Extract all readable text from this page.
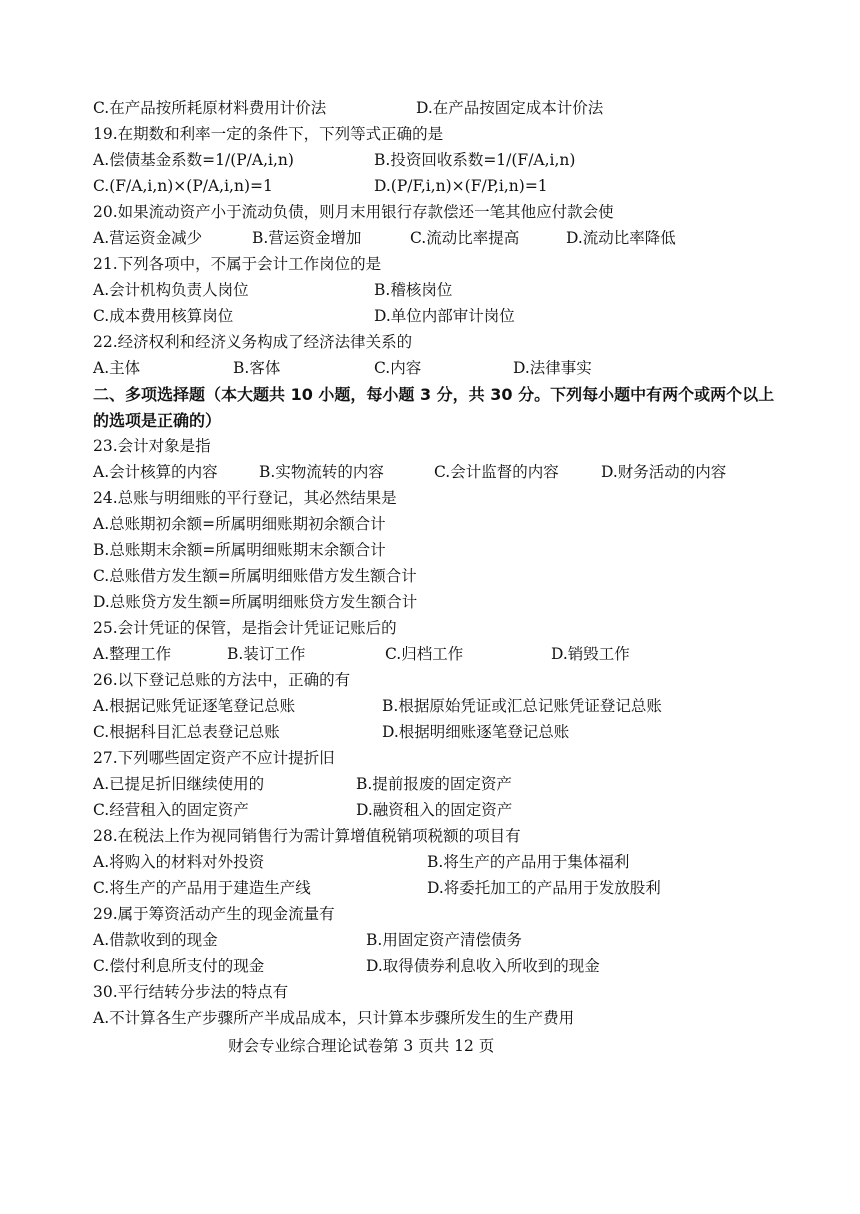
C.在产品按所耗原材料费用计价法	D.在产品按固定成本计价法
19.在期数和利率一定的条件下，下列等式正确的是
A.偿债基金系数=1/(P/A,i,n)	B.投资回收系数=1/(F/A,i,n)
C.(F/A,i,n)×(P/A,i,n)=1	D.(P/F,i,n)×(F/P,i,n)=1
20.如果流动资产小于流动负债，则月末用银行存款偿还一笔其他应付款会使
A.营运资金减少	B.营运资金增加	C.流动比率提高	D.流动比率降低
21.下列各项中，不属于会计工作岗位的是
A.会计机构负责人岗位	B.稽核岗位
C.成本费用核算岗位	D.单位内部审计岗位
22.经济权利和经济义务构成了经济法律关系的
A.主体	B.客体	C.内容	D.法律事实
二、多项选择题（本大题共 10 小题，每小题 3 分，共 30 分。下列每小题中有两个或两个以上的选项是正确的）
23.会计对象是指
A.会计核算的内容	B.实物流转的内容	C.会计监督的内容	D.财务活动的内容
24.总账与明细账的平行登记，其必然结果是
A.总账期初余额=所属明细账期初余额合计
B.总账期末余额=所属明细账期末余额合计
C.总账借方发生额=所属明细账借方发生额合计
D.总账贷方发生额=所属明细账贷方发生额合计
25.会计凭证的保管，是指会计凭证记账后的
A.整理工作	B.装订工作	C.归档工作	D.销毁工作
26.以下登记总账的方法中，正确的有
A.根据记账凭证逐笔登记总账	B.根据原始凭证或汇总记账凭证登记总账
C.根据科目汇总表登记总账	D.根据明细账逐笔登记总账
27.下列哪些固定资产不应计提折旧
A.已提足折旧继续使用的	B.提前报废的固定资产
C.经营租入的固定资产	D.融资租入的固定资产
28.在税法上作为视同销售行为需计算增值税销项税额的项目有
A.将购入的材料对外投资	B.将生产的产品用于集体福利
C.将生产的产品用于建造生产线	D.将委托加工的产品用于发放股利
29.属于筹资活动产生的现金流量有
A.借款收到的现金	B.用固定资产清偿债务
C.偿付利息所支付的现金	D.取得债券利息收入所收到的现金
30.平行结转分步法的特点有
A.不计算各生产步骤所产半成品成本，只计算本步骤所发生的生产费用
财会专业综合理论试卷第 3 页共 12 页
